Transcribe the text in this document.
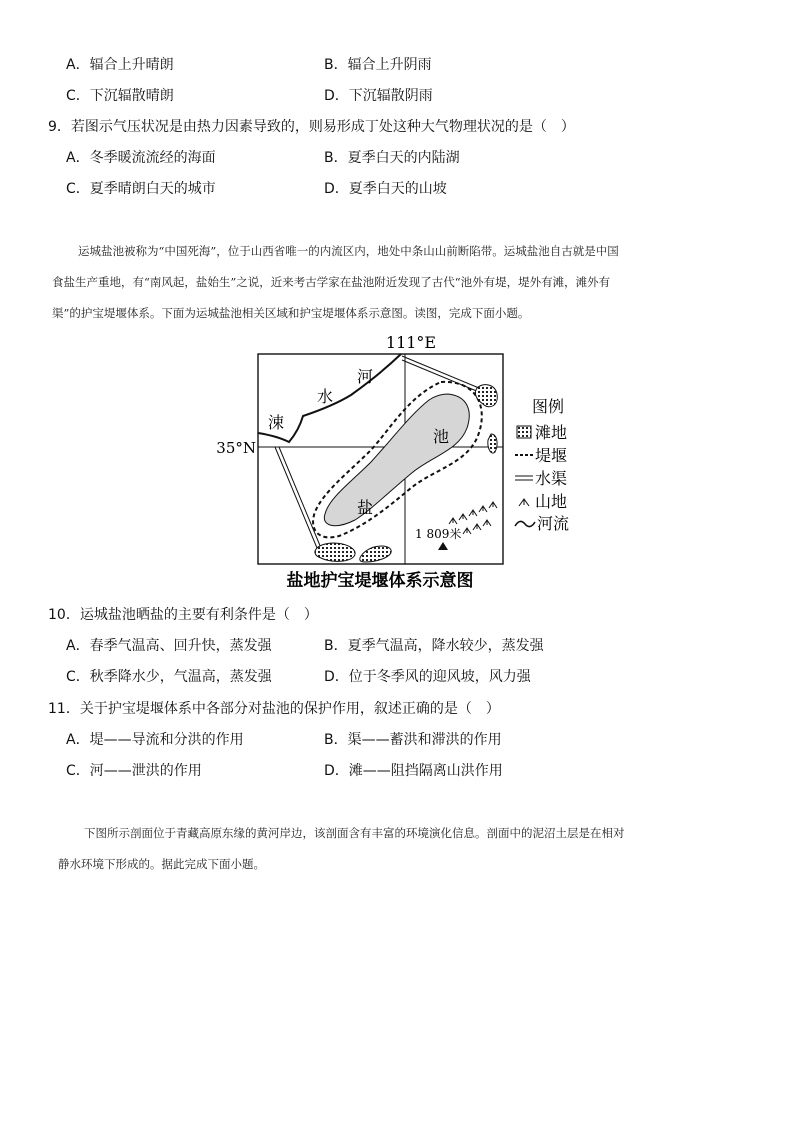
A．辐合上升晴朗	B．辐合上升阴雨
C．下沉辐散晴朗	D．下沉辐散阴雨
9．若图示气压状况是由热力因素导致的，则易形成丁处这种大气物理状况的是（　）
A．冬季暖流流经的海面	B．夏季白天的内陆湖
C．夏季晴朗白天的城市	D．夏季白天的山坡

运城盐池被称为“中国死海”，位于山西省唯一的内流区内，地处中条山山前断陷带。运城盐池自古就是中国

食盐生产重地，有“南风起，盐始生”之说，近来考古学家在盐池附近发现了古代“池外有堤，堤外有滩，滩外有

渠”的护宝堤堰体系。下面为运城盐池相关区域和护宝堤堰体系示意图。读图，完成下面小题。

111°E
35°N
涑
水
河
池
盐
1 809米
图例
滩地
堤堰
水渠
山地
河流
盐地护宝堤堰体系示意图
10．运城盐池晒盐的主要有利条件是（　）
A．春季气温高、回升快，蒸发强	B．夏季气温高，降水较少，蒸发强
C．秋季降水少，气温高，蒸发强	D．位于冬季风的迎风坡，风力强
11．关于护宝堤堰体系中各部分对盐池的保护作用，叙述正确的是（　）
A．堤——导流和分洪的作用	B．渠——蓄洪和滞洪的作用
C．河——泄洪的作用	D．滩——阻挡隔离山洪作用

下图所示剖面位于青藏高原东缘的黄河岸边，该剖面含有丰富的环境演化信息。剖面中的泥沼土层是在相对

静水环境下形成的。据此完成下面小题。
